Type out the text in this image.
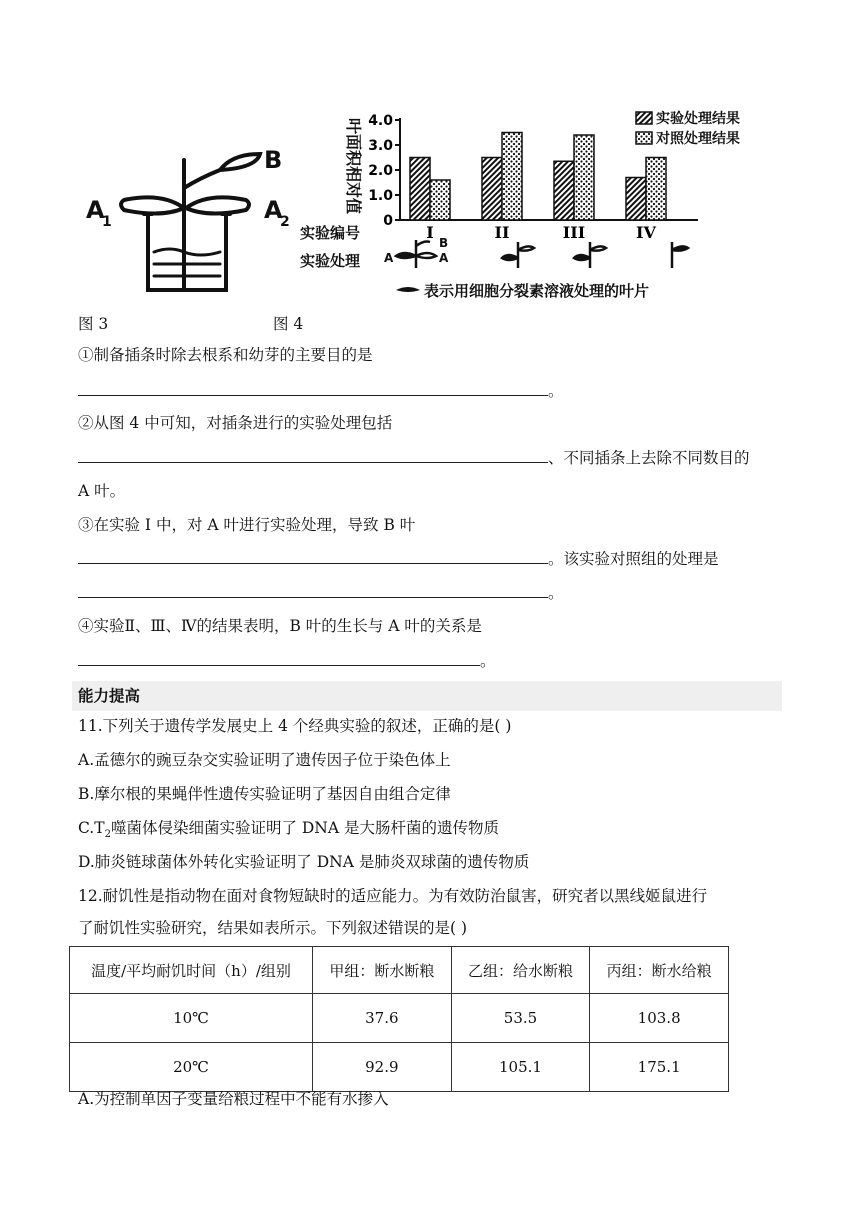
A
1	A
2
B	叶面积相对值
0
1.0
2.0
3.0
4.0
I	II	III	IV
实验处理结果
对照处理结果
实验编号
实验处理 A
B
A
表示用细胞分裂素溶液处理的叶片
图 3	图 4
①制备插条时除去根系和幼芽的主要目的是
。
②从图 4 中可知，对插条进行的实验处理包括
、不同插条上去除不同数目的
A 叶。
③在实验 I 中，对 A 叶进行实验处理，导致 B 叶
。该实验对照组的处理是
。
④实验Ⅱ、Ⅲ、Ⅳ的结果表明，B 叶的生长与 A 叶的关系是
。
能力提高
11.下列关于遗传学发展史上 4 个经典实验的叙述，正确的是( )
A.孟德尔的豌豆杂交实验证明了遗传因子位于染色体上
B.摩尔根的果蝇伴性遗传实验证明了基因自由组合定律
$C.T_2$噬菌体侵染细菌实验证明了 DNA 是大肠杆菌的遗传物质
D.肺炎链球菌体外转化实验证明了 DNA 是肺炎双球菌的遗传物质
12.耐饥性是指动物在面对食物短缺时的适应能力。为有效防治鼠害，研究者以黑线姬鼠进行
了耐饥性实验研究，结果如表所示。下列叙述错误的是( )
温度/平均耐饥时间（h）/组别	甲组：断水断粮	乙组：给水断粮	丙组：断水给粮
10℃	37.6	53.5	103.8
20℃	92.9	105.1	175.1
A.为控制单因子变量给粮过程中不能有水掺入
